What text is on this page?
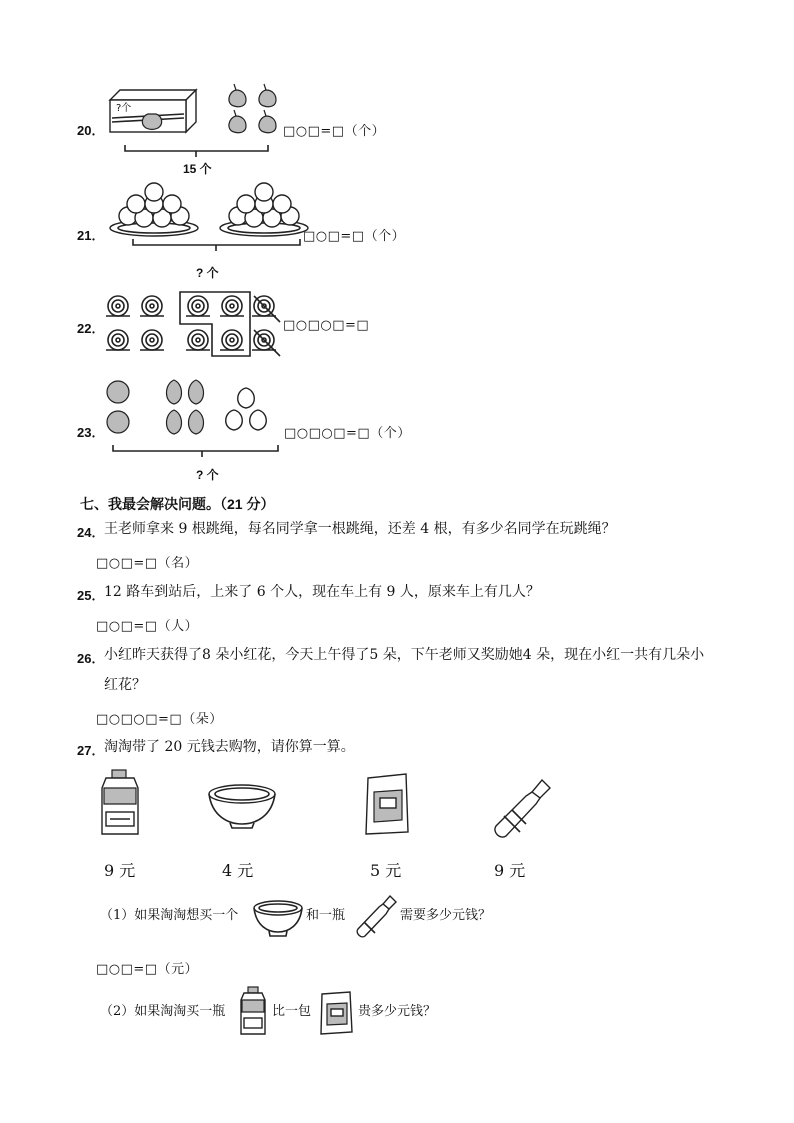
20．
?个
□○□=□（个）
15 个
21．	□○□=□（个）
? 个
22．	□○□○□=□
23．	□○□○□=□（个）
? 个
七、我最会解决问题。（21 分）
24． 王老师拿来 9 根跳绳，每名同学拿一根跳绳，还差 4 根，有多少名同学在玩跳绳？
□○□=□（名）
25． 12 路车到站后，上来了 6 个人，现在车上有 9 人，原来车上有几人？
□○□=□（人）
26． 小红昨天获得了8 朵小红花，今天上午得了5 朵，下午老师又奖励她4 朵，现在小红一共有几朵小
红花？
□○□○□=□（朵）
27． 淘淘带了 20 元钱去购物，请你算一算。
9 元	4 元	5 元	9 元
（1）如果淘淘想买一个	和一瓶	需要多少元钱？
□○□=□（元）
（2）如果淘淘买一瓶	比一包	贵多少元钱？
